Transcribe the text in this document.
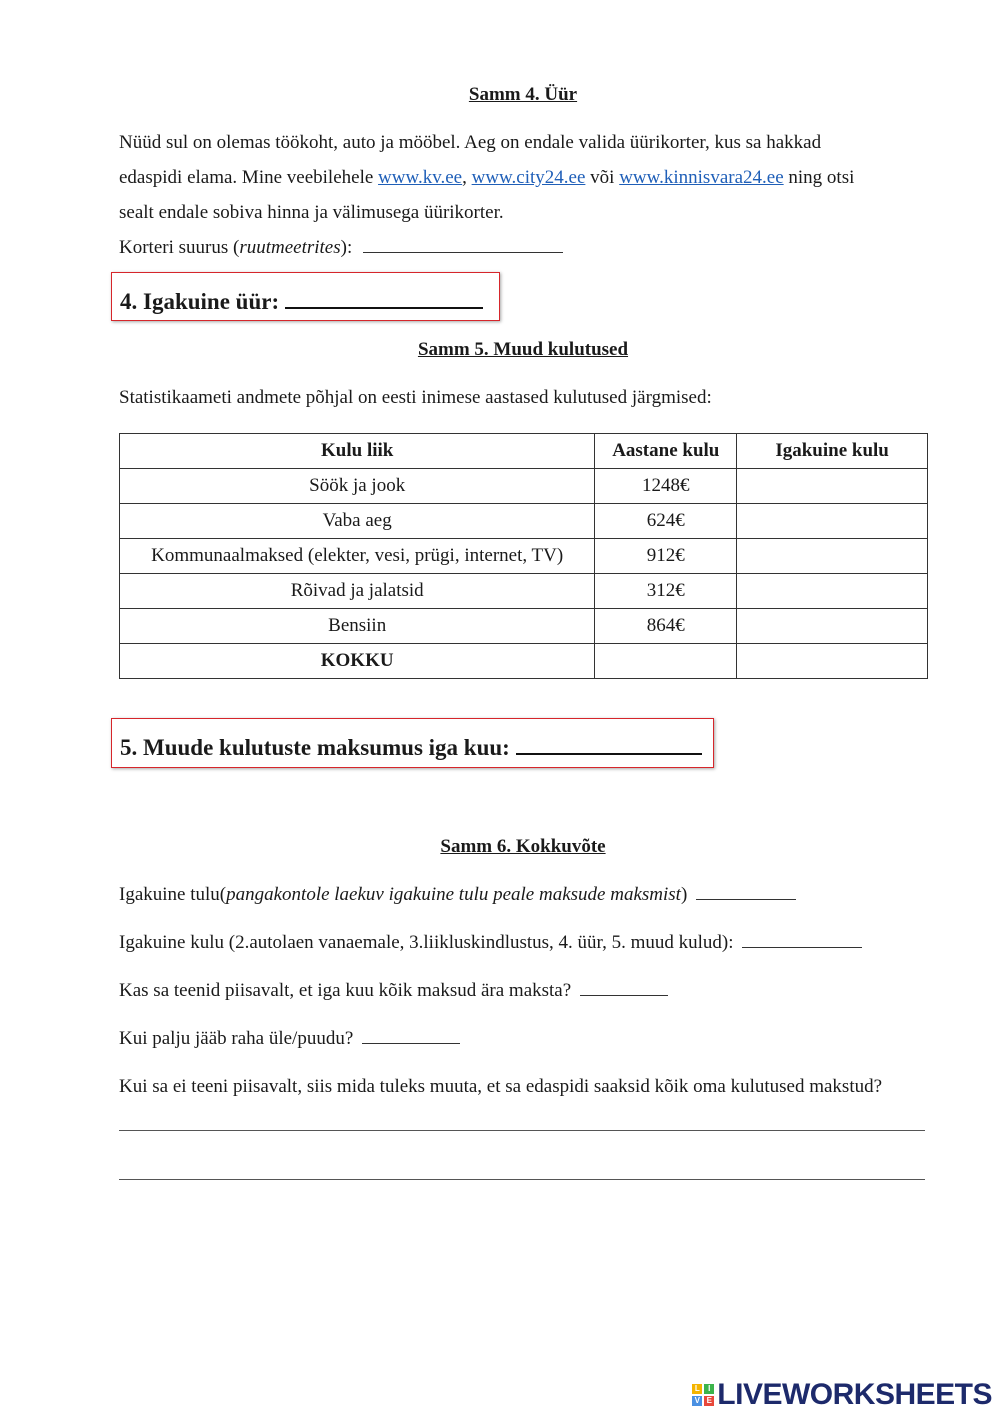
Samm 4. Üür
Nüüd sul on olemas töökoht, auto ja mööbel. Aeg on endale valida üürikorter, kus sa hakkad
edaspidi elama. Mine veebilehele www.kv.ee, www.city24.ee või www.kinnisvara24.ee ning otsi
sealt endale sobiva hinna ja välimusega üürikorter.
Korteri suurus (ruutmeetrites):
4. Igakuine üür:
Samm 5. Muud kulutused
Statistikaameti andmete põhjal on eesti inimese aastased kulutused järgmised:
Kulu liik	Aastane kulu	Igakuine kulu
Söök ja jook	1248€	
Vaba aeg	624€	
Kommunaalmaksed (elekter, vesi, prügi, internet, TV)	912€	
Rõivad ja jalatsid	312€	
Bensiin	864€	
KOKKU		
5. Muude kulutuste maksumus iga kuu:
Samm 6. Kokkuvõte
Igakuine tulu(pangakontole laekuv igakuine tulu peale maksude maksmist)
Igakuine kulu (2.autolaen vanaemale, 3.liikluskindlustus, 4. üür, 5. muud kulud):
Kas sa teenid piisavalt, et iga kuu kõik maksud ära maksta?
Kui palju jääb raha üle/puudu?
Kui sa ei teeni piisavalt, siis mida tuleks muuta, et sa edaspidi saaksid kõik oma kulutused makstud?
L	I
V E LIVEWORKSHEETS
